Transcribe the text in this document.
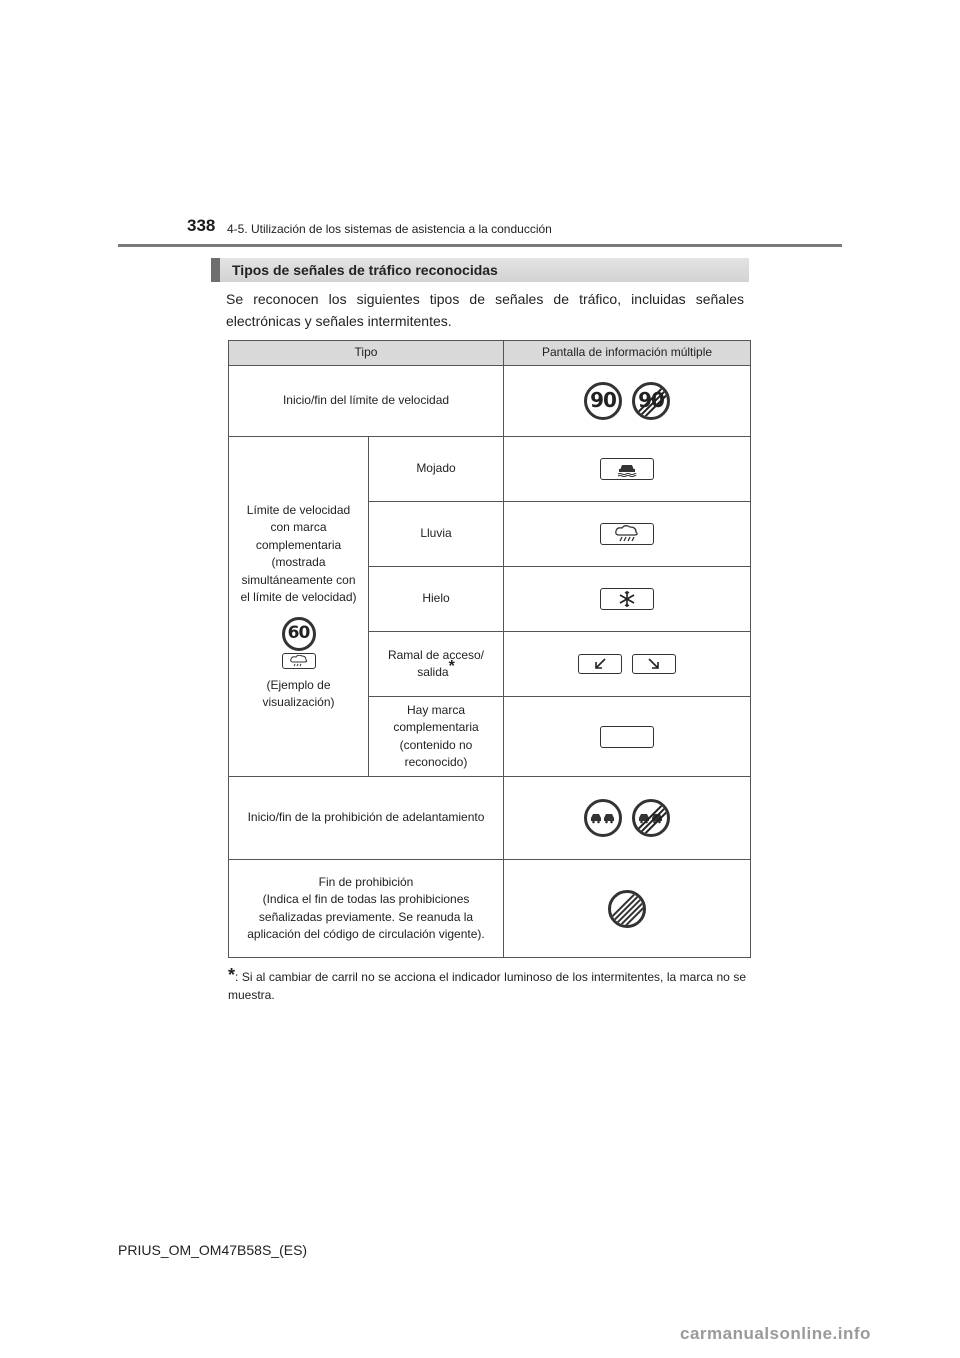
338 4-5. Utilización de los sistemas de asistencia a la conducción
Tipos de señales de tráfico reconocidas
Se reconocen los siguientes tipos de señales de tráfico, incluidas señales electrónicas y señales intermitentes.
Tipo		Pantalla de información múltiple
Inicio/fin del límite de velocidad		90 90

Límite de velocidad con marca complementaria (mostrada simultáneamente con el límite de velocidad)
60
(Ejemplo de visualización)	Mojado	

	Lluvia	

	Hielo	

	Ramal de acceso/ salida*	

	Hay marca complementaria (contenido no reconocido)	

Inicio/fin de la prohibición de adelantamiento	

Fin de prohibición
(Indica el fin de todas las prohibiciones señalizadas previamente. Se reanuda la aplicación del código de circulación vigente).		

*: Si al cambiar de carril no se acciona el indicador luminoso de los intermitentes, la marca no se muestra.
PRIUS_OM_OM47B58S_(ES)
carmanualsonline.info
